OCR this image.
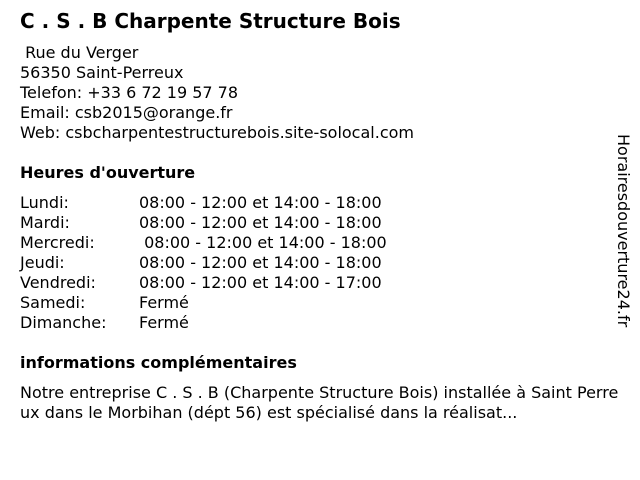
C . S . B Charpente Structure Bois
Rue du Verger
56350 Saint-Perreux
Telefon: +33 6 72 19 57 78
Email: csb2015@orange.fr
Web: csbcharpentestructurebois.site-solocal.com
Heures d'ouverture
Lundi:	08:00 - 12:00 et 14:00 - 18:00
Mardi:	08:00 - 12:00 et 14:00 - 18:00
Mercredi:	08:00 - 12:00 et 14:00 - 18:00
Jeudi:	08:00 - 12:00 et 14:00 - 18:00
Vendredi:	08:00 - 12:00 et 14:00 - 17:00
Samedi:	Fermé
Dimanche:	Fermé
informations complémentaires
Notre entreprise C . S . B (Charpente Structure Bois) installée à Saint Perreux dans le Morbihan (dépt 56) est spécialisé dans la réalisat...
Horairesdouverture24.fr
